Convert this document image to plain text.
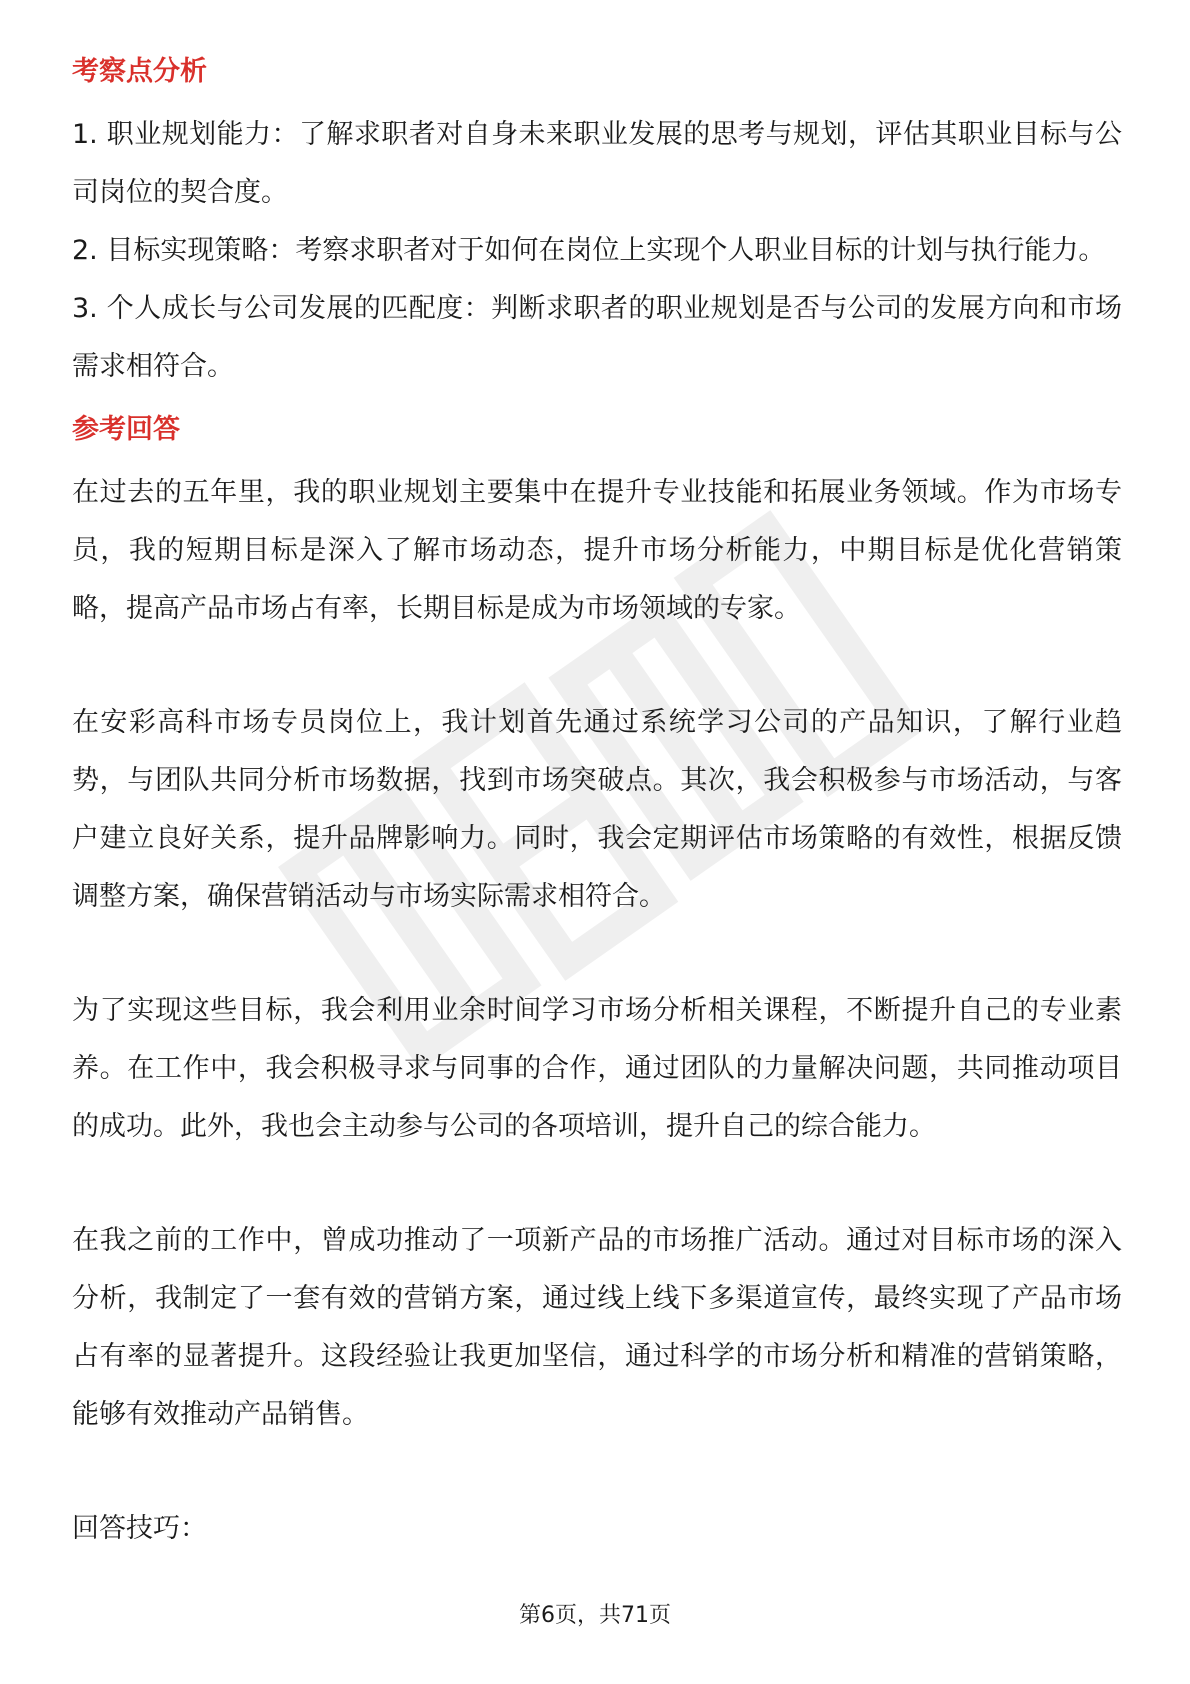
考察点分析

1. 职业规划能力：了解求职者对自身未来职业发展的思考与规划，评估其职业目标与公司岗位的契合度。

2. 目标实现策略：考察求职者对于如何在岗位上实现个人职业目标的计划与执行能力。

3. 个人成长与公司发展的匹配度：判断求职者的职业规划是否与公司的发展方向和市场需求相符合。

参考回答

在过去的五年里，我的职业规划主要集中在提升专业技能和拓展业务领域。作为市场专员，我的短期目标是深入了解市场动态，提升市场分析能力，中期目标是优化营销策略，提高产品市场占有率，长期目标是成为市场领域的专家。

在安彩高科市场专员岗位上，我计划首先通过系统学习公司的产品知识，了解行业趋势，与团队共同分析市场数据，找到市场突破点。其次，我会积极参与市场活动，与客户建立良好关系，提升品牌影响力。同时，我会定期评估市场策略的有效性，根据反馈调整方案，确保营销活动与市场实际需求相符合。

为了实现这些目标，我会利用业余时间学习市场分析相关课程，不断提升自己的专业素养。在工作中，我会积极寻求与同事的合作，通过团队的力量解决问题，共同推动项目的成功。此外，我也会主动参与公司的各项培训，提升自己的综合能力。

在我之前的工作中，曾成功推动了一项新产品的市场推广活动。通过对目标市场的深入分析，我制定了一套有效的营销方案，通过线上线下多渠道宣传，最终实现了产品市场占有率的显著提升。这段经验让我更加坚信，通过科学的市场分析和精准的营销策略，能够有效推动产品销售。

回答技巧：

第6页，共71页
